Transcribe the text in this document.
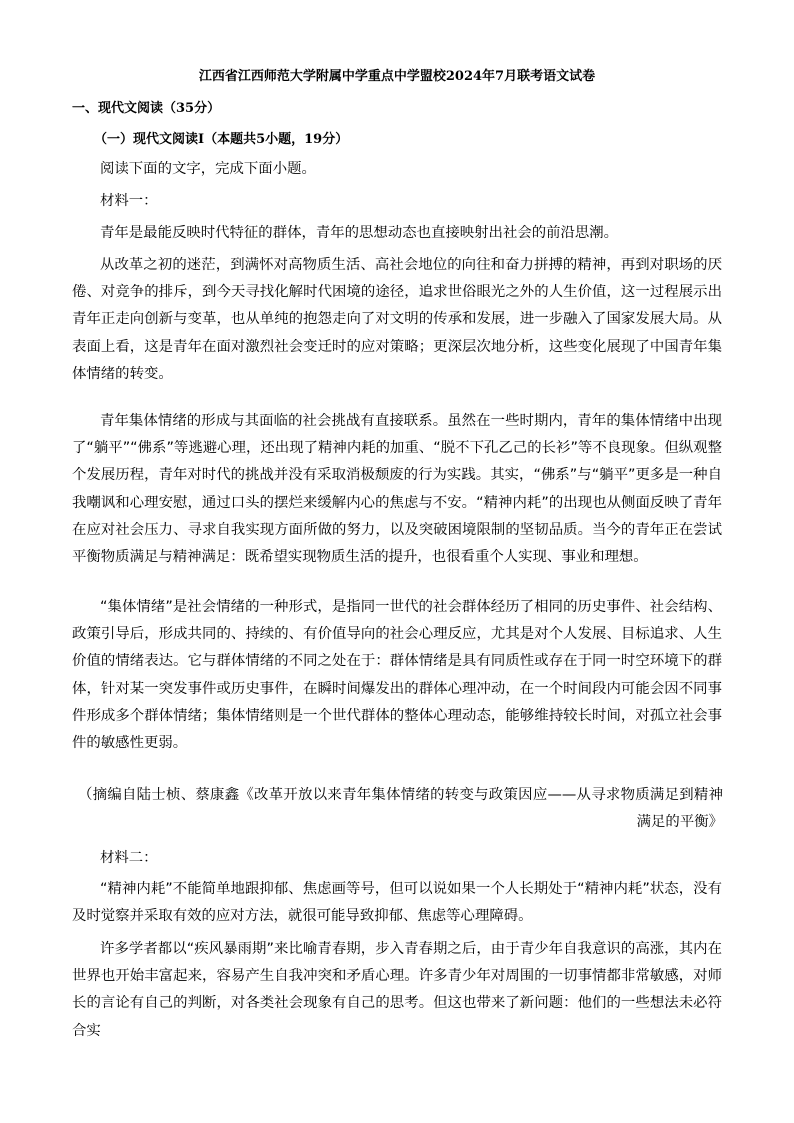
江西省江西师范大学附属中学重点中学盟校2024年7月联考语文试卷
一、现代文阅读（35分）
（一）现代文阅读Ⅰ（本题共5小题，19分）
阅读下面的文字，完成下面小题。
材料一：

青年是最能反映时代特征的群体，青年的思想动态也直接映射出社会的前沿思潮。

从改革之初的迷茫，到满怀对高物质生活、高社会地位的向往和奋力拼搏的精神，再到对职场的厌倦、对竞争的排斥，到今天寻找化解时代困境的途径，追求世俗眼光之外的人生价值，这一过程展示出青年正走向创新与变革，也从单纯的抱怨走向了对文明的传承和发展，进一步融入了国家发展大局。从表面上看，这是青年在面对激烈社会变迁时的应对策略；更深层次地分析，这些变化展现了中国青年集体情绪的转变。

青年集体情绪的形成与其面临的社会挑战有直接联系。虽然在一些时期内，青年的集体情绪中出现了“躺平”“佛系”等逃避心理，还出现了精神内耗的加重、“脱不下孔乙己的长衫”等不良现象。但纵观整个发展历程，青年对时代的挑战并没有采取消极颓废的行为实践。其实，“佛系”与“躺平”更多是一种自我嘲讽和心理安慰，通过口头的摆烂来缓解内心的焦虑与不安。“精神内耗”的出现也从侧面反映了青年在应对社会压力、寻求自我实现方面所做的努力，以及突破困境限制的坚韧品质。当今的青年正在尝试平衡物质满足与精神满足：既希望实现物质生活的提升，也很看重个人实现、事业和理想。

“集体情绪”是社会情绪的一种形式，是指同一世代的社会群体经历了相同的历史事件、社会结构、政策引导后，形成共同的、持续的、有价值导向的社会心理反应，尤其是对个人发展、目标追求、人生价值的情绪表达。它与群体情绪的不同之处在于：群体情绪是具有同质性或存在于同一时空环境下的群体，针对某一突发事件或历史事件，在瞬时间爆发出的群体心理冲动，在一个时间段内可能会因不同事件形成多个群体情绪；集体情绪则是一个世代群体的整体心理动态，能够维持较长时间，对孤立社会事件的敏感性更弱。

（摘编自陆士桢、蔡康鑫《改革开放以来青年集体情绪的转变与政策因应——从寻求物质满足到精神满足的平衡》

材料二：

“精神内耗”不能简单地跟抑郁、焦虑画等号，但可以说如果一个人长期处于“精神内耗”状态，没有及时觉察并采取有效的应对方法，就很可能导致抑郁、焦虑等心理障碍。

许多学者都以“疾风暴雨期”来比喻青春期，步入青春期之后，由于青少年自我意识的高涨，其内在世界也开始丰富起来，容易产生自我冲突和矛盾心理。许多青少年对周围的一切事情都非常敏感，对师长的言论有自己的判断，对各类社会现象有自己的思考。但这也带来了新问题：他们的一些想法未必符合实
